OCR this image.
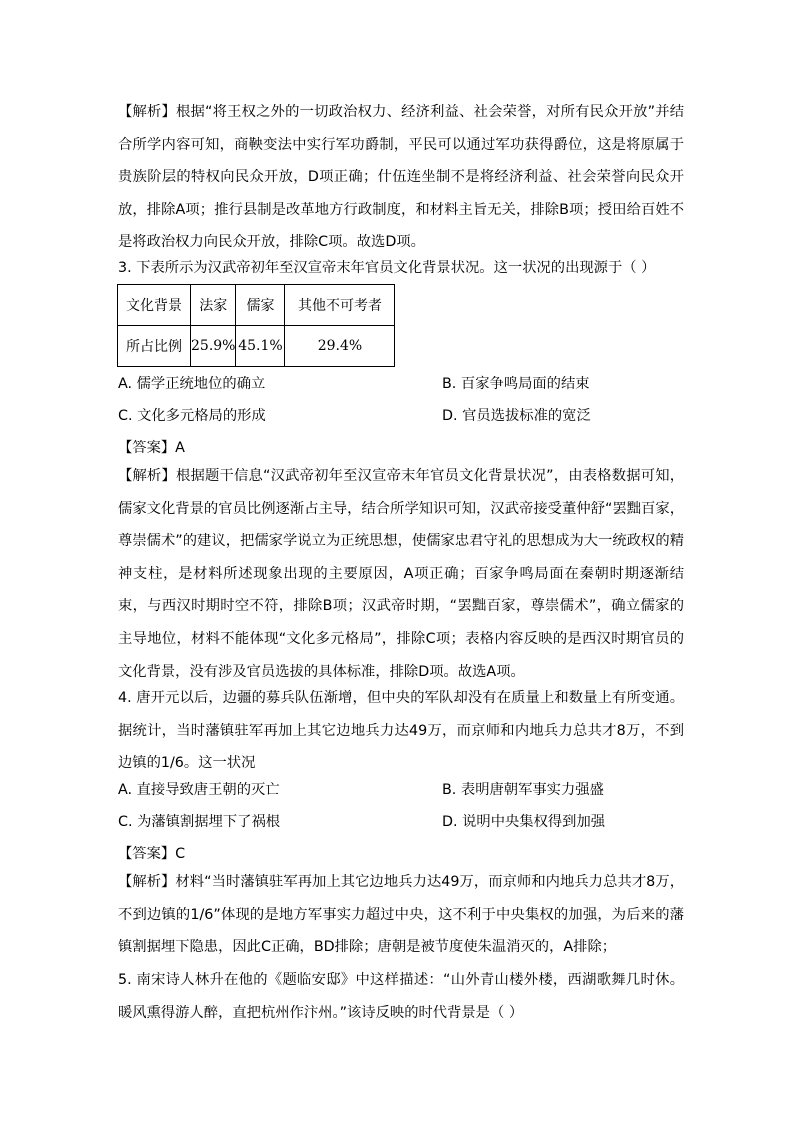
【解析】根据“将王权之外的一切政治权力、经济利益、社会荣誉，对所有民众开放”并结合所学内容可知，商鞅变法中实行军功爵制，平民可以通过军功获得爵位，这是将原属于贵族阶层的特权向民众开放，D项正确；什伍连坐制不是将经济利益、社会荣誉向民众开放，排除A项；推行县制是改革地方行政制度，和材料主旨无关，排除B项；授田给百姓不是将政治权力向民众开放，排除C项。故选D项。
3. 下表所示为汉武帝初年至汉宣帝末年官员文化背景状况。这一状况的出现源于（ ）
文化背景	法家	儒家	其他不可考者
所占比例	25.9%	45.1%	29.4%
A. 儒学正统地位的确立	B. 百家争鸣局面的结束
C. 文化多元格局的形成	D. 官员选拔标准的宽泛
【答案】A
【解析】根据题干信息“汉武帝初年至汉宣帝末年官员文化背景状况”，由表格数据可知，儒家文化背景的官员比例逐渐占主导，结合所学知识可知，汉武帝接受董仲舒“罢黜百家，尊崇儒术”的建议，把儒家学说立为正统思想，使儒家忠君守礼的思想成为大一统政权的精神支柱，是材料所述现象出现的主要原因，A项正确；百家争鸣局面在秦朝时期逐渐结束，与西汉时期时空不符，排除B项；汉武帝时期，“罢黜百家，尊崇儒术”，确立儒家的主导地位，材料不能体现“文化多元格局”，排除C项；表格内容反映的是西汉时期官员的文化背景，没有涉及官员选拔的具体标准，排除D项。故选A项。
4. 唐开元以后，边疆的募兵队伍渐增，但中央的军队却没有在质量上和数量上有所变通。据统计，当时藩镇驻军再加上其它边地兵力达49万，而京师和内地兵力总共才8万，不到边镇的1/6。这一状况
A. 直接导致唐王朝的灭亡	B. 表明唐朝军事实力强盛
C. 为藩镇割据埋下了祸根	D. 说明中央集权得到加强
【答案】C
【解析】材料“当时藩镇驻军再加上其它边地兵力达49万，而京师和内地兵力总共才8万，不到边镇的1/6”体现的是地方军事实力超过中央，这不利于中央集权的加强，为后来的藩镇割据埋下隐患，因此C正确，BD排除；唐朝是被节度使朱温消灭的，A排除；
5. 南宋诗人林升在他的《题临安邸》中这样描述：“山外青山楼外楼，西湖歌舞几时休。暖风熏得游人醉，直把杭州作汴州。”该诗反映的时代背景是（ ）
